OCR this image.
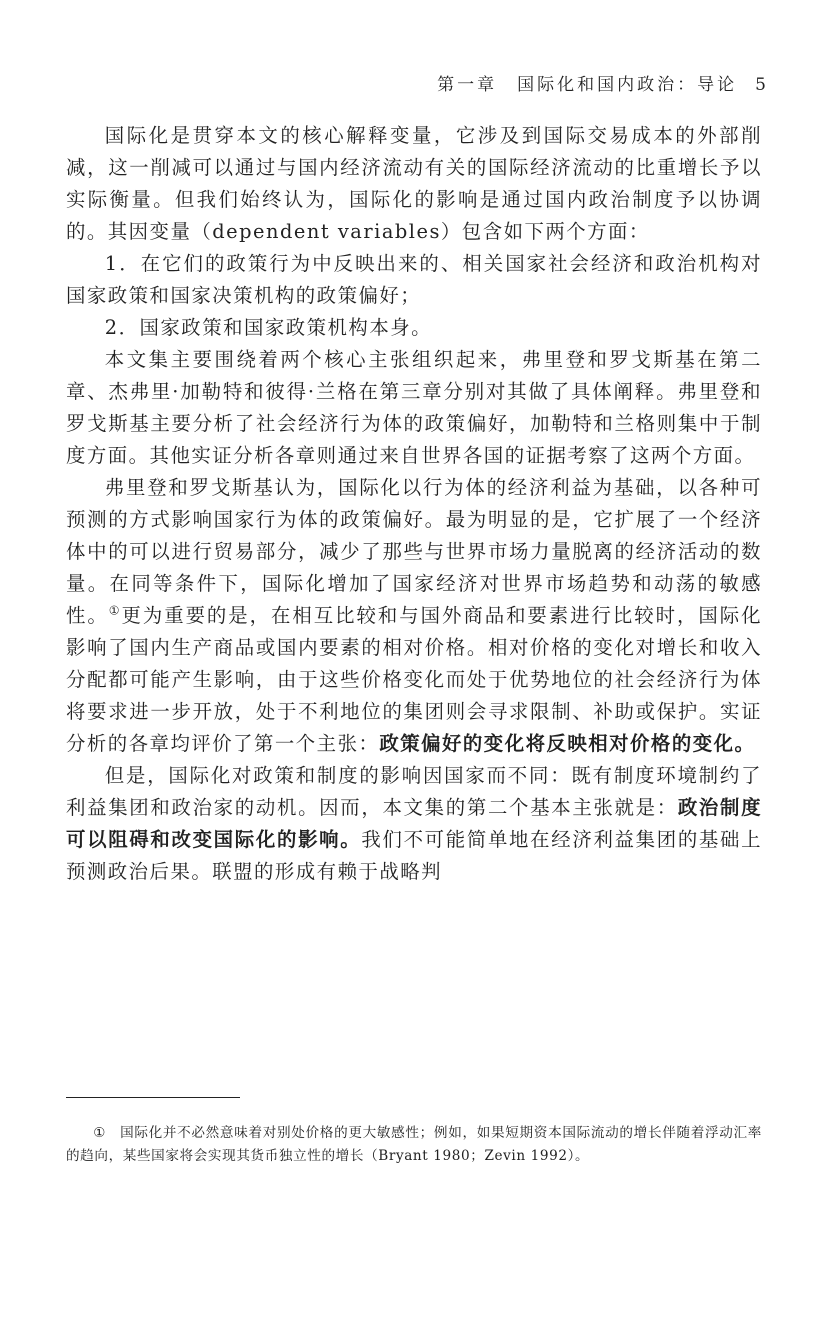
第一章　国际化和国内政治：导论 5

国际化是贯穿本文的核心解释变量，它涉及到国际交易成本的外部削减，这一削减可以通过与国内经济流动有关的国际经济流动的比重增长予以实际衡量。但我们始终认为，国际化的影响是通过国内政治制度予以协调的。其因变量（dependent variables）包含如下两个方面：

1．在它们的政策行为中反映出来的、相关国家社会经济和政治机构对国家政策和国家决策机构的政策偏好；

2．国家政策和国家政策机构本身。

本文集主要围绕着两个核心主张组织起来，弗里登和罗戈斯基在第二章、杰弗里·加勒特和彼得·兰格在第三章分别对其做了具体阐释。弗里登和罗戈斯基主要分析了社会经济行为体的政策偏好，加勒特和兰格则集中于制度方面。其他实证分析各章则通过来自世界各国的证据考察了这两个方面。

弗里登和罗戈斯基认为，国际化以行为体的经济利益为基础，以各种可预测的方式影响国家行为体的政策偏好。最为明显的是，它扩展了一个经济体中的可以进行贸易部分，减少了那些与世界市场力量脱离的经济活动的数量。在同等条件下，国际化增加了国家经济对世界市场趋势和动荡的敏感性。①更为重要的是，在相互比较和与国外商品和要素进行比较时，国际化影响了国内生产商品或国内要素的相对价格。相对价格的变化对增长和收入分配都可能产生影响，由于这些价格变化而处于优势地位的社会经济行为体将要求进一步开放，处于不利地位的集团则会寻求限制、补助或保护。实证分析的各章均评价了第一个主张：政策偏好的变化将反映相对价格的变化。

但是，国际化对政策和制度的影响因国家而不同：既有制度环境制约了利益集团和政治家的动机。因而，本文集的第二个基本主张就是：政治制度可以阻碍和改变国际化的影响。我们不可能简单地在经济利益集团的基础上预测政治后果。联盟的形成有赖于战略判

① 国际化并不必然意味着对别处价格的更大敏感性；例如，如果短期资本国际流动的增长伴随着浮动汇率的趋向，某些国家将会实现其货币独立性的增长（Bryant 1980；Zevin 1992）。
